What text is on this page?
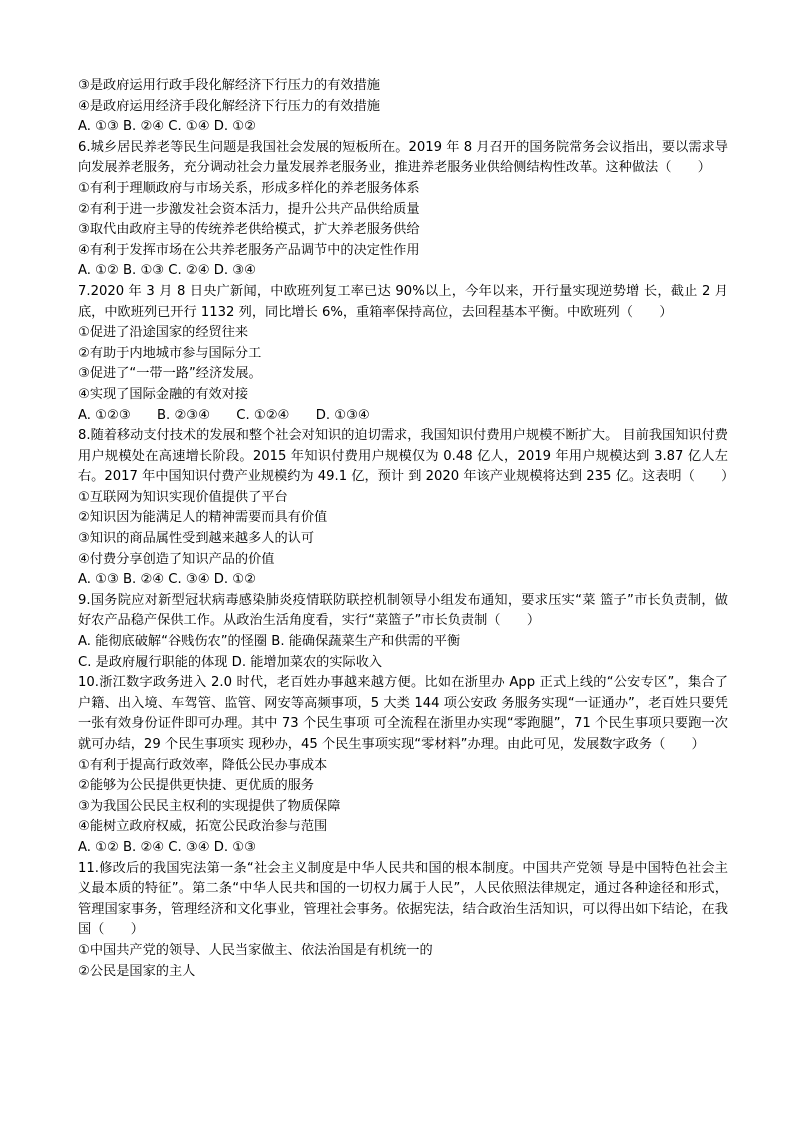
③是政府运用行政手段化解经济下行压力的有效措施
④是政府运用经济手段化解经济下行压力的有效措施
A. ①③ B. ②④ C. ①④ D. ①②
6.城乡居民养老等民生问题是我国社会发展的短板所在。2019 年 8 月召开的国务院常务会议指出，要以需求导向发展养老服务，充分调动社会力量发展养老服务业，推进养老服务业供给侧结构性改革。这种做法（　　）
①有利于理顺政府与市场关系，形成多样化的养老服务体系
②有利于进一步激发社会资本活力，提升公共产品供给质量
③取代由政府主导的传统养老供给模式，扩大养老服务供给
④有利于发挥市场在公共养老服务产品调节中的决定性作用
A. ①② B. ①③ C. ②④ D. ③④
7.2020 年 3 月 8 日央广新闻，中欧班列复工率已达 90%以上，今年以来，开行量实现逆势增 长，截止 2 月底，中欧班列已开行 1132 列，同比增长 6%，重箱率保持高位，去回程基本平衡。中欧班列（　　）
①促进了沿途国家的经贸往来
②有助于内地城市参与国际分工
③促进了“一带一路”经济发展。
④实现了国际金融的有效对接
A. ①②③　　B. ②③④　　C. ①②④　　D. ①③④
8.随着移动支付技术的发展和整个社会对知识的迫切需求，我国知识付费用户规模不断扩大。 目前我国知识付费用户规模处在高速增长阶段。2015 年知识付费用户规模仅为 0.48 亿人，2019 年用户规模达到 3.87 亿人左右。2017 年中国知识付费产业规模约为 49.1 亿，预计 到 2020 年该产业规模将达到 235 亿。这表明（　　）
①互联网为知识实现价值提供了平台
②知识因为能满足人的精神需要而具有价值
③知识的商品属性受到越来越多人的认可
④付费分享创造了知识产品的价值
A. ①③ B. ②④ C. ③④ D. ①②
9.国务院应对新型冠状病毒感染肺炎疫情联防联控机制领导小组发布通知，要求压实“菜 篮子”市长负责制，做好农产品稳产保供工作。从政治生活角度看，实行“菜篮子”市长负责制（　　）
A. 能彻底破解“谷贱伤农”的怪圈 B. 能确保蔬菜生产和供需的平衡
C. 是政府履行职能的体现 D. 能增加菜农的实际收入
10.浙江数字政务进入 2.0 时代，老百姓办事越来越方便。比如在浙里办 App 正式上线的“公安专区”，集合了户籍、出入境、车驾管、监管、网安等高频事项，5 大类 144 项公安政 务服务实现“一证通办”，老百姓只要凭一张有效身份证件即可办理。其中 73 个民生事项 可全流程在浙里办实现“零跑腿”，71 个民生事项只要跑一次就可办结，29 个民生事项实 现秒办，45 个民生事项实现“零材料”办理。由此可见，发展数字政务（　　）
①有利于提高行政效率，降低公民办事成本
②能够为公民提供更快捷、更优质的服务
③为我国公民民主权利的实现提供了物质保障
④能树立政府权威，拓宽公民政治参与范围
A. ①② B. ②④ C. ③④ D. ①③
11.修改后的我国宪法第一条“社会主义制度是中华人民共和国的根本制度。中国共产党领 导是中国特色社会主义最本质的特征”。第二条“中华人民共和国的一切权力属于人民”，人民依照法律规定，通过各种途径和形式，管理国家事务，管理经济和文化事业，管理社会事务。依据宪法，结合政治生活知识，可以得出如下结论，在我国（　　）
①中国共产党的领导、人民当家做主、依法治国是有机统一的
②公民是国家的主人
